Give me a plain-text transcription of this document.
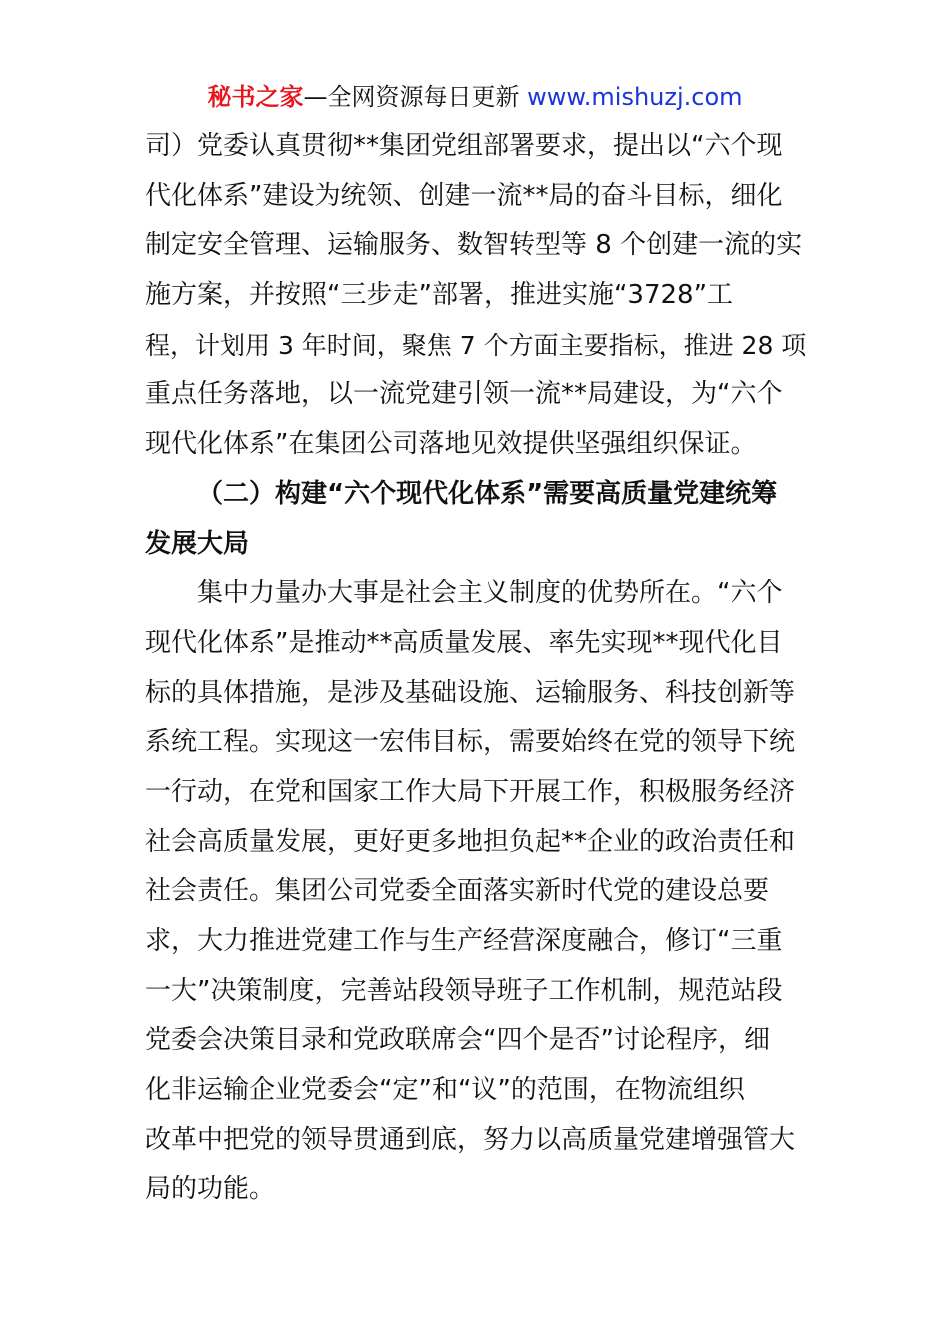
秘书之家—全网资源每日更新 www.mishuzj.com
司）党委认真贯彻**集团党组部署要求，提出以“六个现
代化体系”建设为统领、创建一流**局的奋斗目标，细化
制定安全管理、运输服务、数智转型等 8 个创建一流的实
施方案，并按照“三步走”部署，推进实施“3728”工
程，计划用 3 年时间，聚焦 7 个方面主要指标，推进 28 项
重点任务落地，以一流党建引领一流**局建设，为“六个
现代化体系”在集团公司落地见效提供坚强组织保证。
（二）构建“六个现代化体系”需要高质量党建统筹
发展大局
集中力量办大事是社会主义制度的优势所在。“六个
现代化体系”是推动**高质量发展、率先实现**现代化目
标的具体措施，是涉及基础设施、运输服务、科技创新等
系统工程。实现这一宏伟目标，需要始终在党的领导下统
一行动，在党和国家工作大局下开展工作，积极服务经济
社会高质量发展，更好更多地担负起**企业的政治责任和
社会责任。集团公司党委全面落实新时代党的建设总要
求，大力推进党建工作与生产经营深度融合，修订“三重
一大”决策制度，完善站段领导班子工作机制，规范站段
党委会决策目录和党政联席会“四个是否”讨论程序，细
化非运输企业党委会“定”和“议”的范围，在物流组织
改革中把党的领导贯通到底，努力以高质量党建增强管大
局的功能。
